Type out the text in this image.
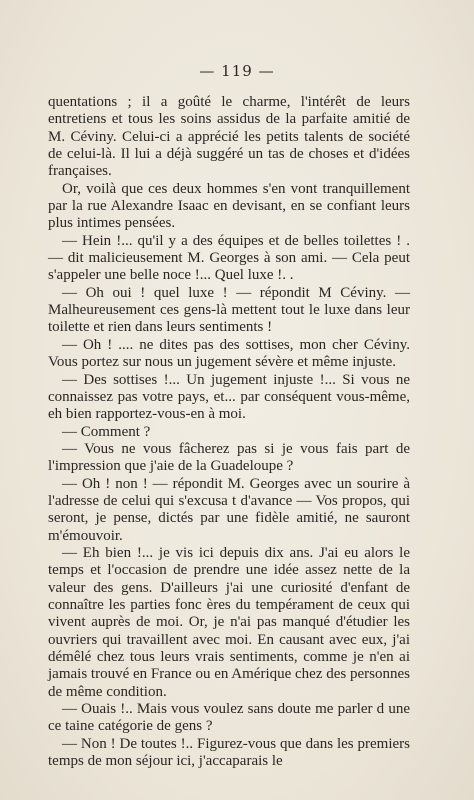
— 119 —

quentations ; il a goûté le charme, l'intérêt de leurs entretiens et tous les soins assidus de la parfaite amitié de M. Céviny. Celui-ci a apprécié les petits talents de société de celui-là. Il lui a déjà suggéré un tas de choses et d'idées françaises.

Or, voilà que ces deux hommes s'en vont tranquillement par la rue Alexandre Isaac en devisant, en se confiant leurs plus intimes pensées.

— Hein !... qu'il y a des équipes et de belles toilettes ! . — dit malicieusement M. Georges à son ami. — Cela peut s'appeler une belle noce !... Quel luxe !. .

— Oh oui ! quel luxe ! — répondit M Céviny. — Malheureusement ces gens-là mettent tout le luxe dans leur toilette et rien dans leurs sentiments !

— Oh ! .... ne dites pas des sottises, mon cher Céviny. Vous portez sur nous un jugement sévère et même injuste.

— Des sottises !... Un jugement injuste !... Si vous ne connaissez pas votre pays, et... par conséquent vous-même, eh bien rapportez-vous-en à moi.

— Comment ?

— Vous ne vous fâcherez pas si je vous fais part de l'impression que j'aie de la Guadeloupe ?

— Oh ! non ! — répondit M. Georges avec un sourire à l'adresse de celui qui s'excusa t d'avance — Vos propos, qui seront, je pense, dictés par une fidèle amitié, ne sauront m'émouvoir.

— Eh bien !... je vis ici depuis dix ans. J'ai eu alors le temps et l'occasion de prendre une idée assez nette de la valeur des gens. D'ailleurs j'ai une curiosité d'enfant de connaître les parties fonc ères du tempérament de ceux qui vivent auprès de moi. Or, je n'ai pas manqué d'étudier les ouvriers qui travaillent avec moi. En causant avec eux, j'ai démêlé chez tous leurs vrais sentiments, comme je n'en ai jamais trouvé en France ou en Amérique chez des personnes de même condition.

— Ouais !.. Mais vous voulez sans doute me parler d une ce taine catégorie de gens ?

— Non ! De toutes !.. Figurez-vous que dans les premiers temps de mon séjour ici, j'accaparais le
